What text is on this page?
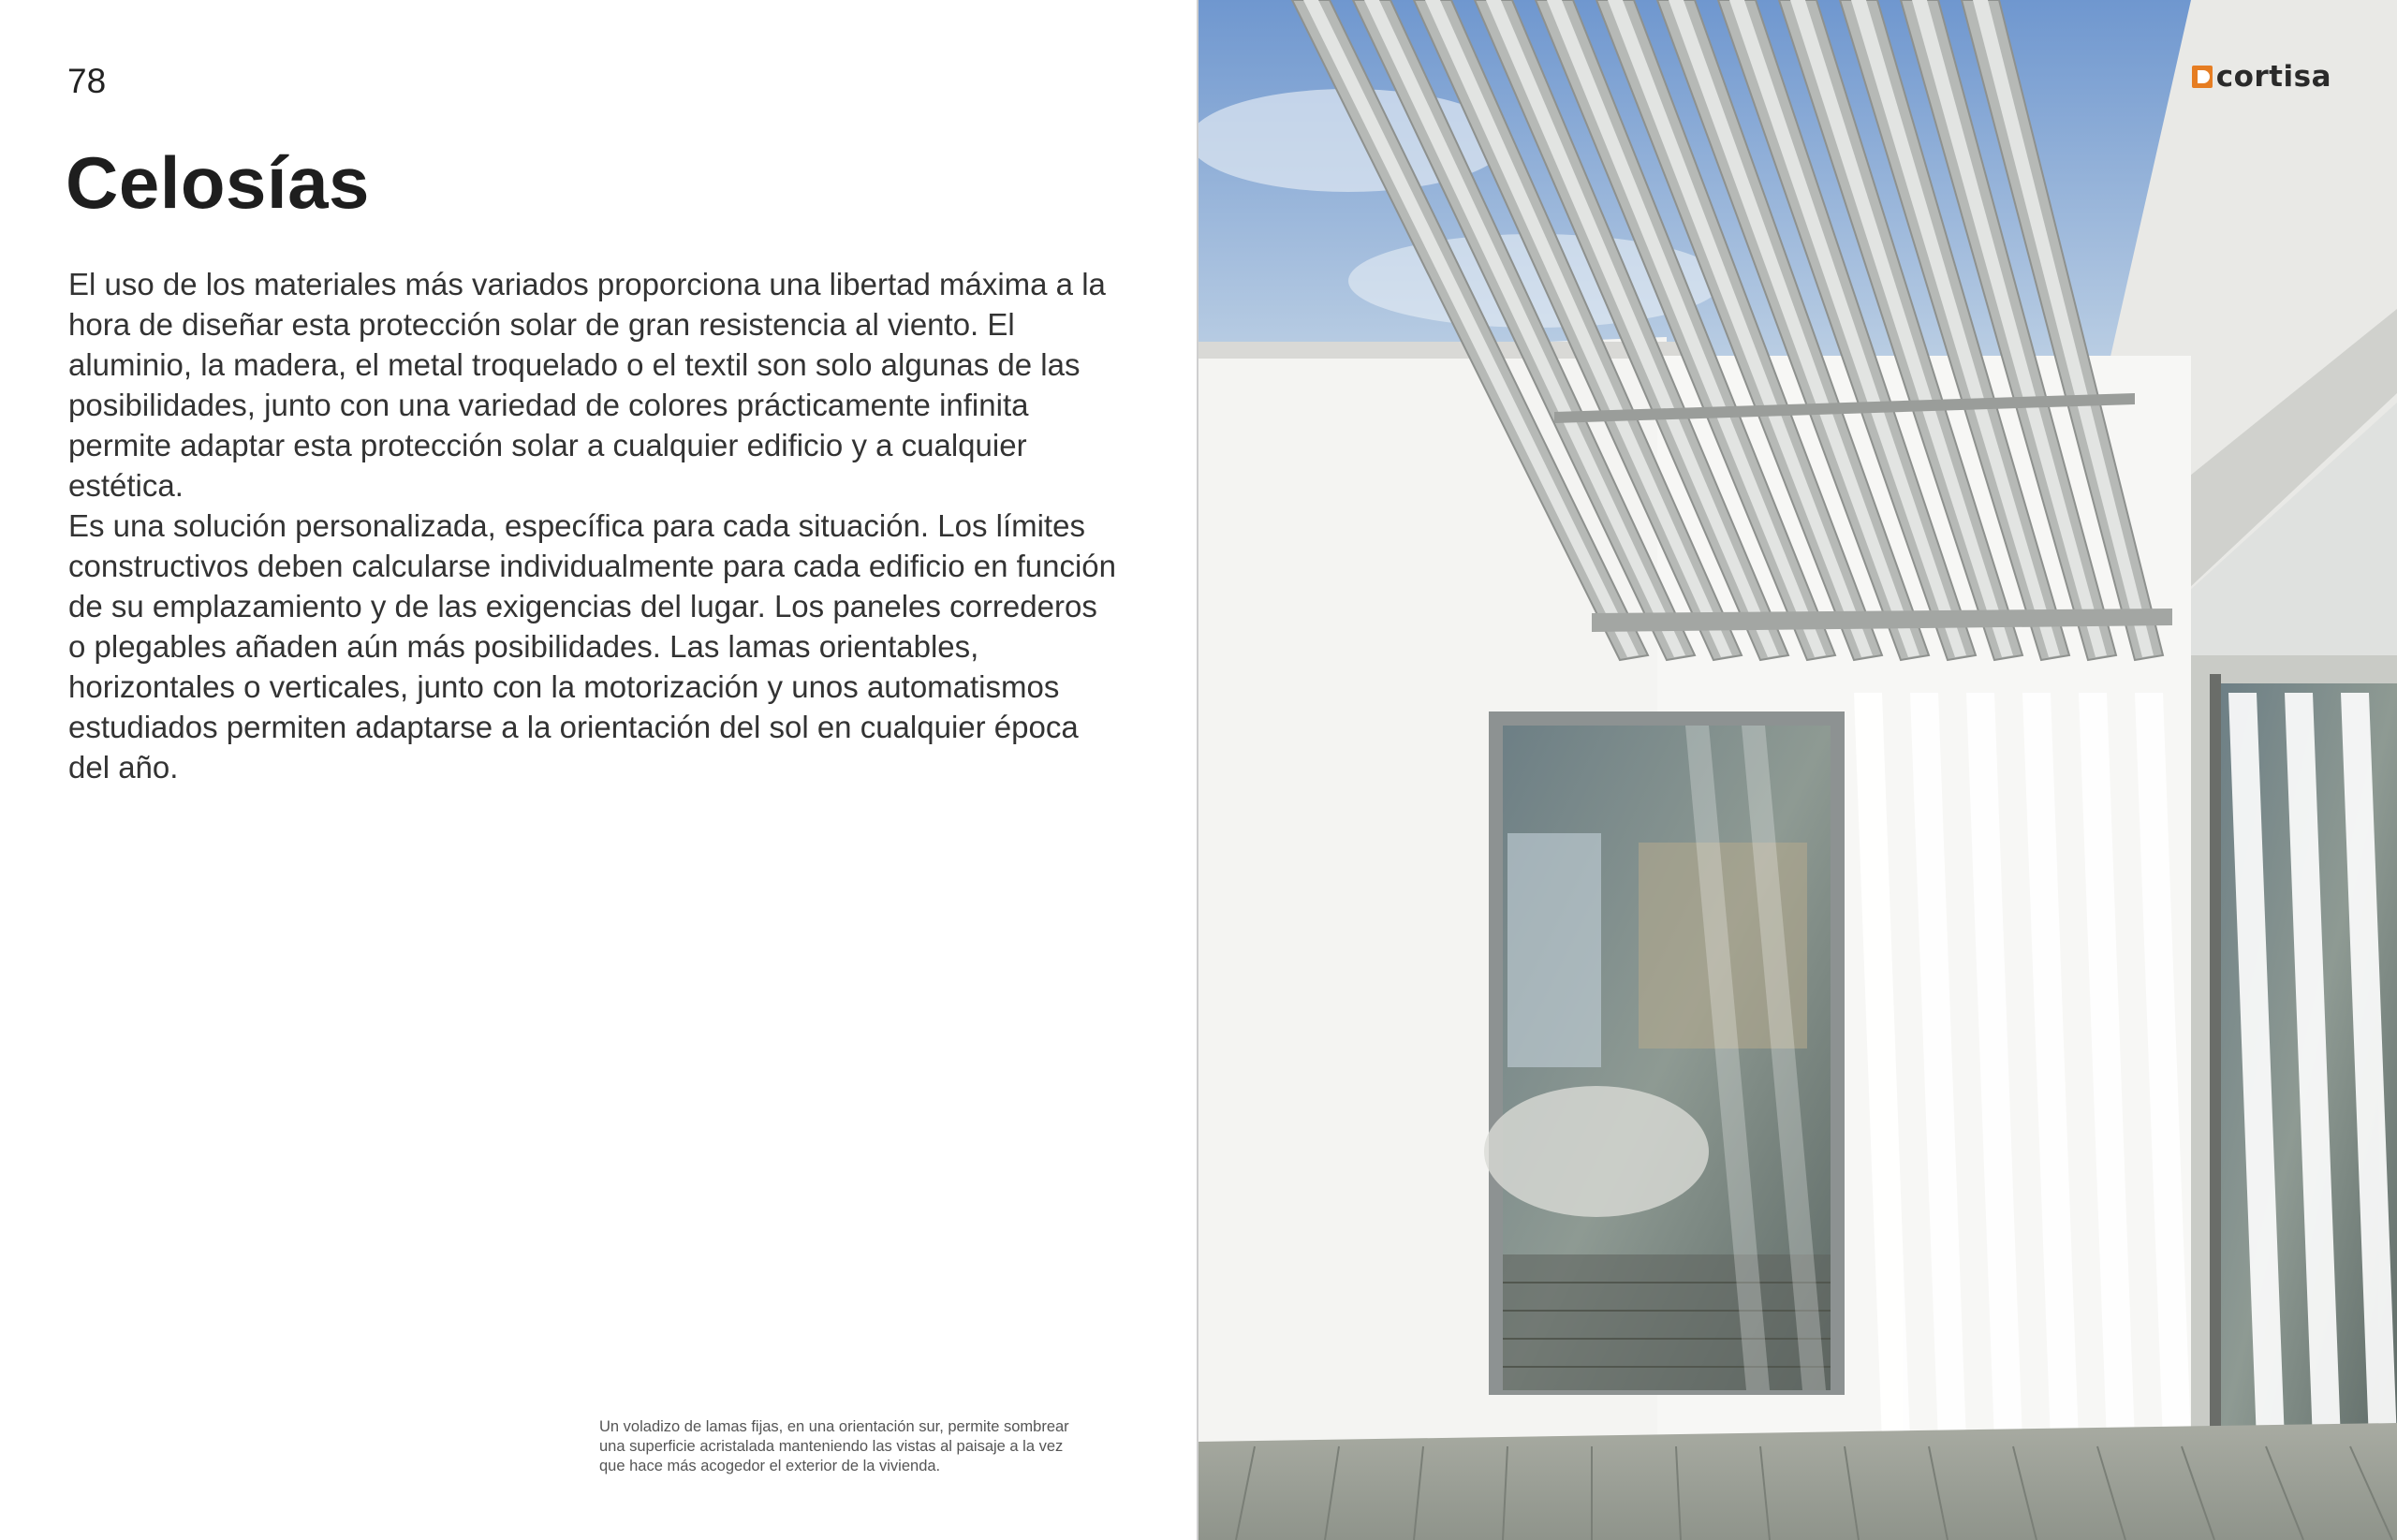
78
Celosías

El uso de los materiales más variados proporciona una libertad máxima a la hora de diseñar esta protección solar de gran resistencia al viento. El aluminio, la madera, el metal troquelado o el textil son solo algunas de las posibilidades, junto con una variedad de colores prácticamente infinita permite adaptar esta protección solar a cualquier edificio y a cualquier estética.

Es una solución personalizada, específica para cada situación. Los límites constructivos deben calcularse individualmente para cada edificio en función de su emplazamiento y de las exigencias del lugar. Los paneles correderos o plegables añaden aún más posibilidades. Las lamas orientables, horizontales o verticales, junto con la motorización y unos automatismos estudiados permiten adaptarse a la orientación del sol en cualquier época del año.

Un voladizo de lamas fijas, en una orientación sur, permite sombrear

una superficie acristalada manteniendo las vistas al paisaje a la vez

que hace más acogedor el exterior de la vivienda.

cortisa
